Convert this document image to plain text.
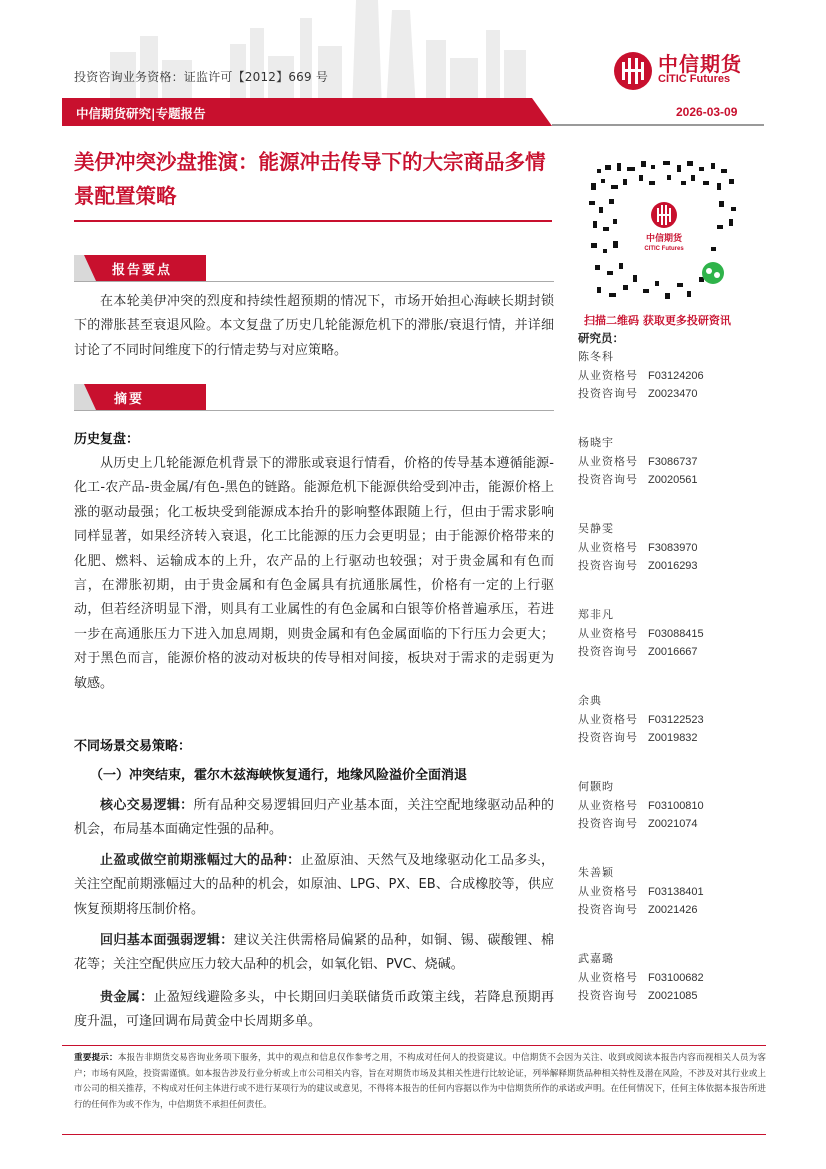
投资咨询业务资格：证监许可【2012】669 号
中信期货
CITIC Futures
中信期货研究|专题报告	2026-03-09
美伊冲突沙盘推演：能源冲击传导下的大宗商品多情景配置策略
中信期货
CITIC Futures
扫描二维码 获取更多投研资讯
报告要点
在本轮美伊冲突的烈度和持续性超预期的情况下，市场开始担心海峡长期封锁下的滞胀甚至衰退风险。本文复盘了历史几轮能源危机下的滞胀/衰退行情，并详细讨论了不同时间维度下的行情走势与对应策略。
摘要
历史复盘：
从历史上几轮能源危机背景下的滞胀或衰退行情看，价格的传导基本遵循能源-化工-农产品-贵金属/有色-黑色的链路。能源危机下能源供给受到冲击，能源价格上涨的驱动最强；化工板块受到能源成本抬升的影响整体跟随上行，但由于需求影响同样显著，如果经济转入衰退，化工比能源的压力会更明显；由于能源价格带来的化肥、燃料、运输成本的上升，农产品的上行驱动也较强；对于贵金属和有色而言，在滞胀初期，由于贵金属和有色金属具有抗通胀属性，价格有一定的上行驱动，但若经济明显下滑，则具有工业属性的有色金属和白银等价格普遍承压，若进一步在高通胀压力下进入加息周期，则贵金属和有色金属面临的下行压力会更大；对于黑色而言，能源价格的波动对板块的传导相对间接，板块对于需求的走弱更为敏感。
不同场景交易策略：
（一）冲突结束，霍尔木兹海峡恢复通行，地缘风险溢价全面消退
核心交易逻辑：所有品种交易逻辑回归产业基本面，关注空配地缘驱动品种的机会，布局基本面确定性强的品种。
止盈或做空前期涨幅过大的品种：止盈原油、天然气及地缘驱动化工品多头，关注空配前期涨幅过大的品种的机会，如原油、LPG、PX、EB、合成橡胶等，供应恢复预期将压制价格。
回归基本面强弱逻辑：建议关注供需格局偏紧的品种，如铜、锡、碳酸锂、棉花等；关注空配供应压力较大品种的机会，如氧化铝、PVC、烧碱。
贵金属：止盈短线避险多头，中长期回归美联储货币政策主线，若降息预期再度升温，可逢回调布局黄金中长周期多单。
研究员：
陈冬科
从业资格号 F03124206
投资咨询号 Z0023470
杨晓宇
从业资格号 F3086737
投资咨询号 Z0020561
吴静雯
从业资格号 F3083970
投资咨询号 Z0016293
郑非凡
从业资格号 F03088415
投资咨询号 Z0016667
余典
从业资格号 F03122523
投资咨询号 Z0019832
何颢昀
从业资格号 F03100810
投资咨询号 Z0021074
朱善颖
从业资格号 F03138401
投资咨询号 Z0021426
武嘉璐
从业资格号 F03100682
投资咨询号 Z0021085
重要提示：本报告非期货交易咨询业务项下服务，其中的观点和信息仅作参考之用，不构成对任何人的投资建议。中信期货不会因为关注、收到或阅读本报告内容而视相关人员为客户；市场有风险，投资需谨慎。如本报告涉及行业分析或上市公司相关内容，旨在对期货市场及其相关性进行比较论证，列举解释期货品种相关特性及潜在风险，不涉及对其行业或上市公司的相关推荐，不构成对任何主体进行或不进行某项行为的建议或意见，不得将本报告的任何内容据以作为中信期货所作的承诺或声明。在任何情况下，任何主体依据本报告所进行的任何作为或不作为，中信期货不承担任何责任。
